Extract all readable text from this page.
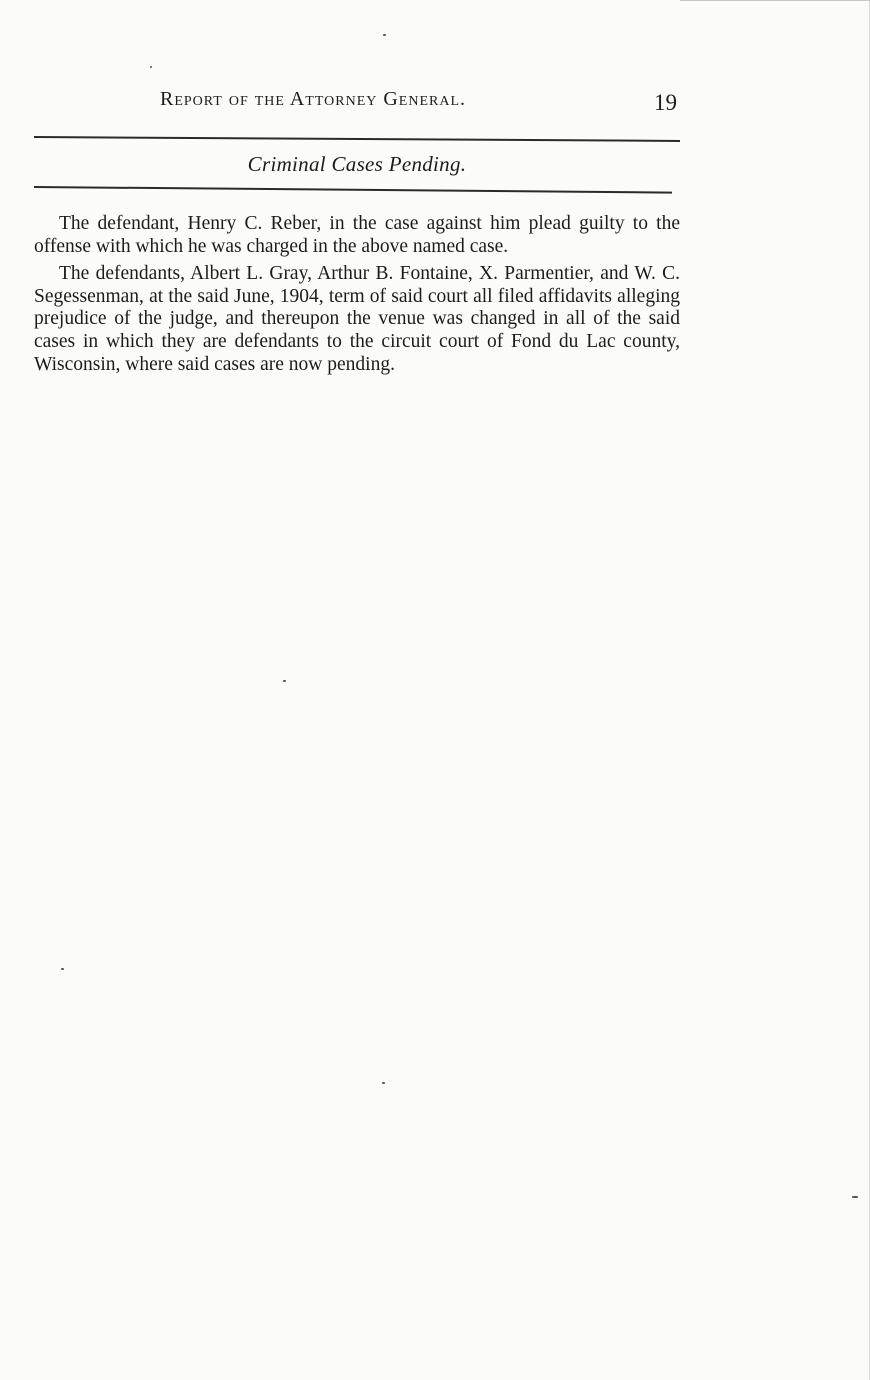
Report of the Attorney General.	19
Criminal Cases Pending.

The defendant, Henry C. Reber, in the case against him plead guilty to the offense with which he was charged in the above named case.

The defendants, Albert L. Gray, Arthur B. Fontaine, X. Parmentier, and W. C. Segessenman, at the said June, 1904, term of said court all filed affidavits alleging prejudice of the judge, and thereupon the venue was changed in all of the said cases in which they are defendants to the circuit court of Fond du Lac county, Wisconsin, where said cases are now pending.
